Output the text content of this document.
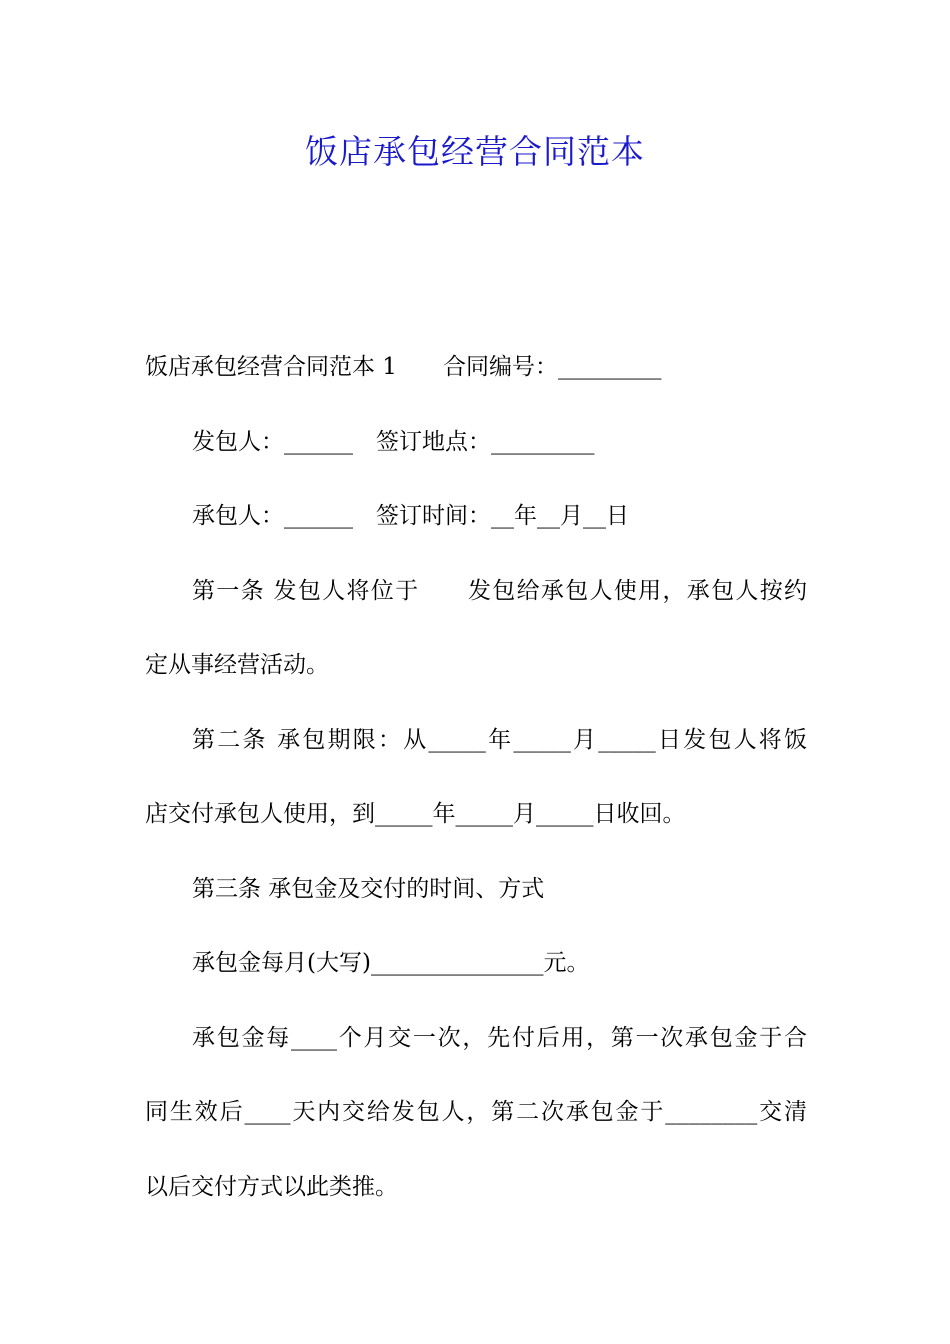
饭店承包经营合同范本
饭店承包经营合同范本 1　　合同编号：_________
发包人：______　签订地点：_________
承包人：______　签订时间：__年__月__日
第一条 发包人将位于　　发包给承包人使用，承包人按约
定从事经营活动。
第二条 承包期限：从_____年_____月_____日发包人将饭
店交付承包人使用，到_____年_____月_____日收回。
第三条 承包金及交付的时间、方式
承包金每月(大写)_______________元。
承包金每____个月交一次，先付后用，第一次承包金于合
同生效后____天内交给发包人，第二次承包金于________交清
以后交付方式以此类推。
